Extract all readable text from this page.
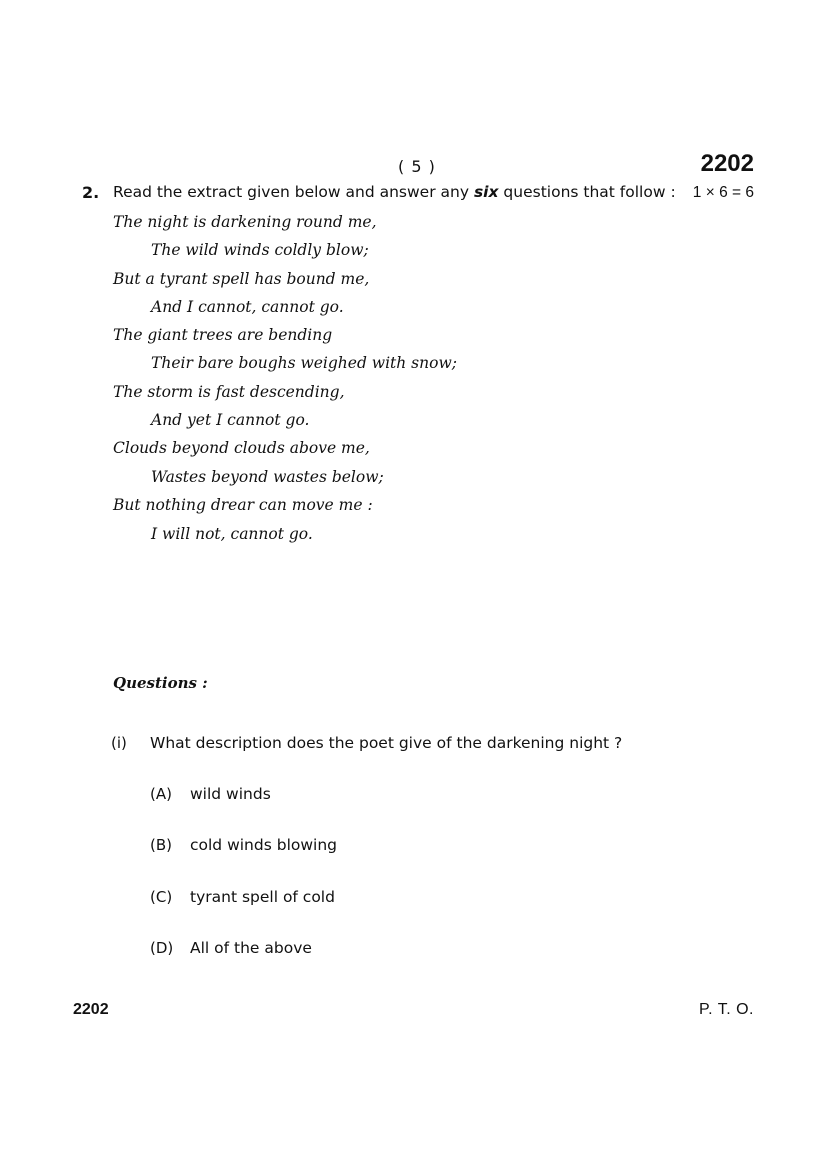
( 5 )	2202
2. Read the extract given below and answer any six questions that follow : 1 × 6 = 6
The night is darkening round me,
The wild winds coldly blow;
But a tyrant spell has bound me,
And I cannot, cannot go.
The giant trees are bending
Their bare boughs weighed with snow;
The storm is fast descending,
And yet I cannot go.
Clouds beyond clouds above me,
Wastes beyond wastes below;
But nothing drear can move me :
I will not, cannot go.
Questions :
(i) What description does the poet give of the darkening night ?
(A) wild winds
(B) cold winds blowing
(C) tyrant spell of cold
(D) All of the above
2202	P. T. O.
